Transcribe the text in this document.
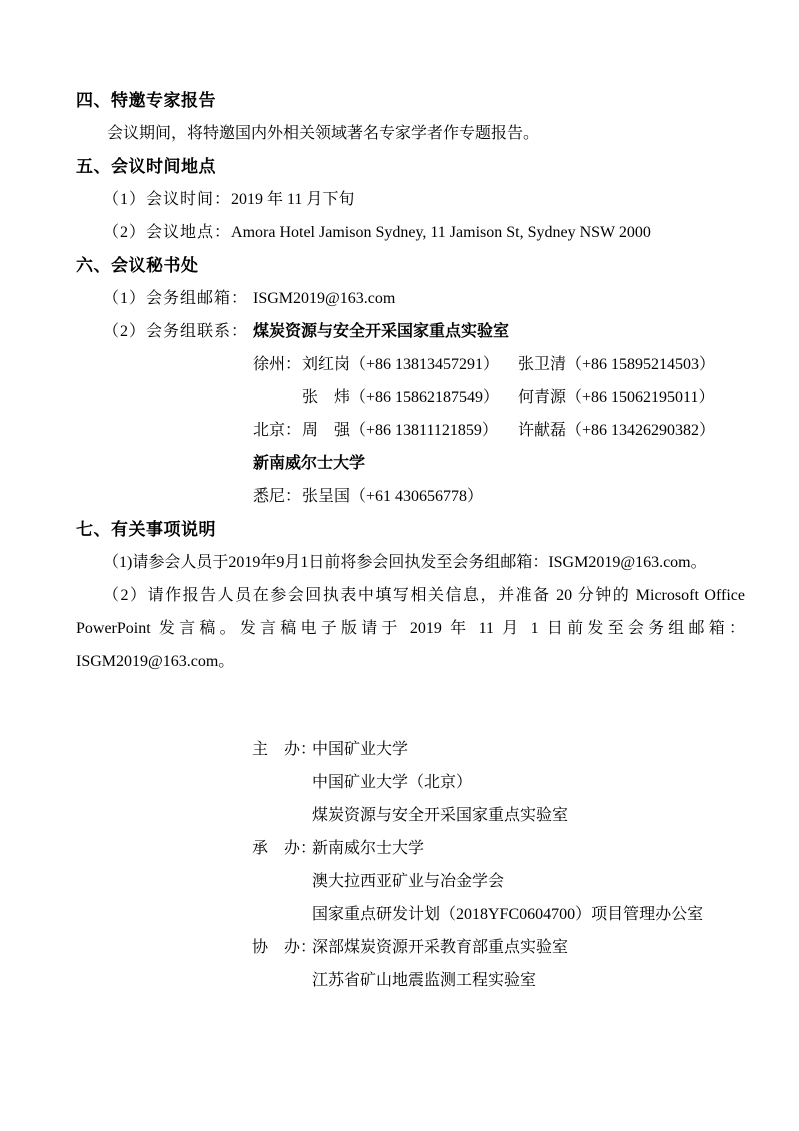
四、特邀专家报告
会议期间，将特邀国内外相关领域著名专家学者作专题报告。
五、会议时间地点
（1）会议时间：2019 年 11 月下旬
（2）会议地点：Amora Hotel Jamison Sydney, 11 Jamison St, Sydney NSW 2000
六、会议秘书处
（1）会务组邮箱： ISGM2019@163.com
（2）会务组联系： 煤炭资源与安全开采国家重点实验室
徐州：刘红岗（+86 13813457291） 张卫清（+86 15895214503）
张　炜（+86 15862187549） 何青源（+86 15062195011）
北京：周　强（+86 13811121859） 许献磊（+86 13426290382）
新南威尔士大学
悉尼：张呈国（+61 430656778）
七、有关事项说明
（1)请参会人员于2019年9月1日前将参会回执发至会务组邮箱：ISGM2019@163.com。
（2）请作报告人员在参会回执表中填写相关信息，并准备 20 分钟的 Microsoft Office
PowerPoint 发言稿。发言稿电子版请于 2019 年 11 月 1 日前发至会务组邮箱：
ISGM2019@163.com。
主　办：
中国矿业大学
中国矿业大学（北京）
煤炭资源与安全开采国家重点实验室
承　办：
新南威尔士大学
澳大拉西亚矿业与冶金学会
国家重点研发计划（2018YFC0604700）项目管理办公室
协　办：
深部煤炭资源开采教育部重点实验室
江苏省矿山地震监测工程实验室
